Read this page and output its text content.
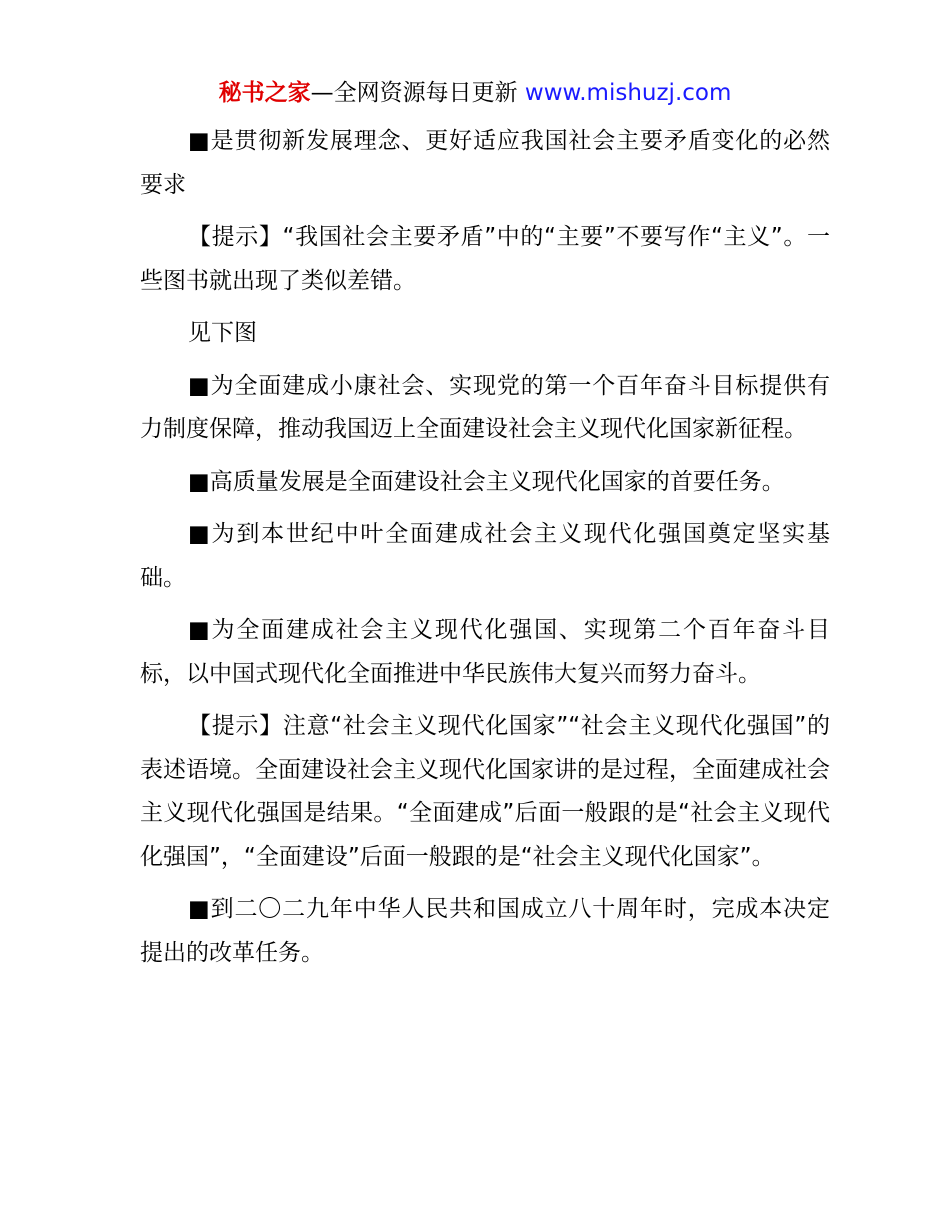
秘书之家—全网资源每日更新 www.mishuzj.com

■是贯彻新发展理念、更好适应我国社会主要矛盾变化的必然要求

【提示】“我国社会主要矛盾”中的“主要”不要写作“主义”。一些图书就出现了类似差错。

见下图

■为全面建成小康社会、实现党的第一个百年奋斗目标提供有力制度保障，推动我国迈上全面建设社会主义现代化国家新征程。

■高质量发展是全面建设社会主义现代化国家的首要任务。

■为到本世纪中叶全面建成社会主义现代化强国奠定坚实基础。

■为全面建成社会主义现代化强国、实现第二个百年奋斗目标，以中国式现代化全面推进中华民族伟大复兴而努力奋斗。

【提示】注意“社会主义现代化国家”“社会主义现代化强国”的表述语境。全面建设社会主义现代化国家讲的是过程，全面建成社会主义现代化强国是结果。“全面建成”后面一般跟的是“社会主义现代化强国”，“全面建设”后面一般跟的是“社会主义现代化国家”。

■到二〇二九年中华人民共和国成立八十周年时，完成本决定提出的改革任务。
